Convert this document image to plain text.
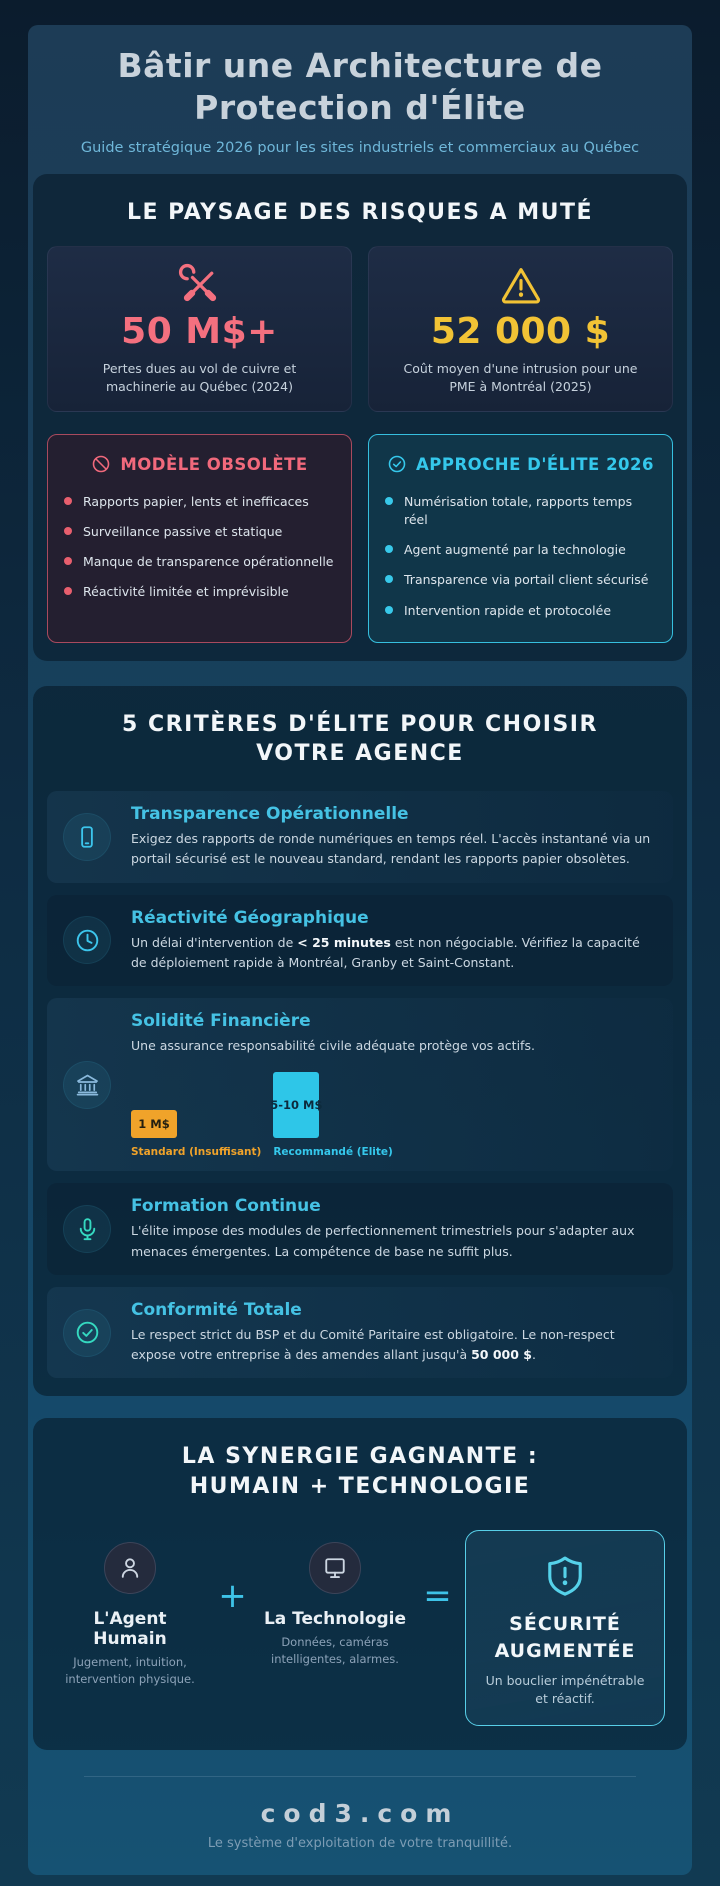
Bâtir une Architecture de
Protection d'Élite

Guide stratégique 2026 pour les sites industriels et commerciaux au Québec

LE PAYSAGE DES RISQUES A MUTÉ
50 M$+
Pertes dues au vol de cuivre et machinerie au Québec (2024)
52 000 $
Coût moyen d'une intrusion pour une PME à Montréal (2025)
MODÈLE OBSOLÈTE
Rapports papier, lents et inefficaces
Surveillance passive et statique
Manque de transparence opérationnelle
Réactivité limitée et imprévisible
APPROCHE D'ÉLITE 2026
Numérisation totale, rapports temps réel
Agent augmenté par la technologie
Transparence via portail client sécurisé
Intervention rapide et protocolée
5 CRITÈRES D'ÉLITE POUR CHOISIR VOTRE AGENCE

Transparence Opérationnelle

Exigez des rapports de ronde numériques en temps réel. L'accès instantané via un portail sécurisé est le nouveau standard, rendant les rapports papier obsolètes.

Réactivité Géographique

Un délai d'intervention de < 25 minutes est non négociable. Vérifiez la capacité de déploiement rapide à Montréal, Granby et Saint-Constant.

Solidité Financière

Une assurance responsabilité civile adéquate protège vos actifs.

1 M$
Standard (Insuffisant)
5-10 M$
Recommandé (Elite)

Formation Continue

L'élite impose des modules de perfectionnement trimestriels pour s'adapter aux menaces émergentes. La compétence de base ne suffit plus.

Conformité Totale

Le respect strict du BSP et du Comité Paritaire est obligatoire. Le non-respect expose votre entreprise à des amendes allant jusqu'à 50 000 $.

LA SYNERGIE GAGNANTE : HUMAIN + TECHNOLOGIE
L'Agent Humain
Jugement, intuition, intervention physique.
+
La Technologie
Données, caméras intelligentes, alarmes.
=
SÉCURITÉ
AUGMENTÉE
Un bouclier impénétrable et réactif.
cod3.com
Le système d'exploitation de votre tranquillité.
